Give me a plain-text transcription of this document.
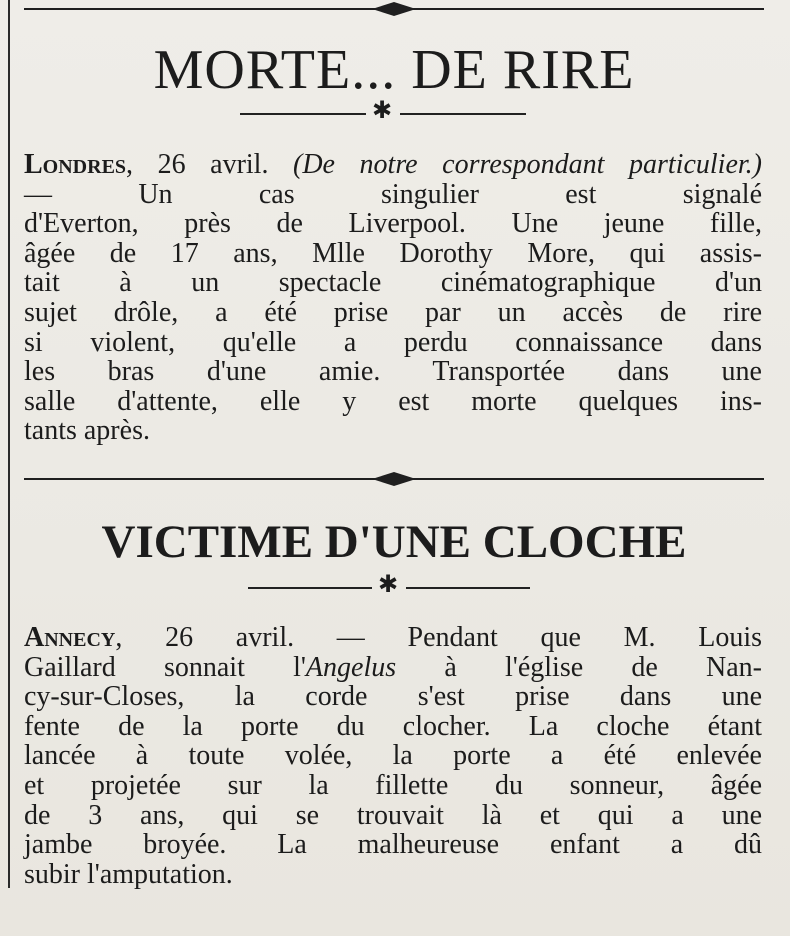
MORTE... DE RIRE
✱
Londres, 26 avril. (De notre correspondant particulier.)
— Un cas singulier est signalé
d'Everton, près de Liverpool. Une jeune fille,
âgée de 17 ans, Mlle Dorothy More, qui assis-
tait à un spectacle cinématographique d'un
sujet drôle, a été prise par un accès de rire
si violent, qu'elle a perdu connaissance dans
les bras d'une amie. Transportée dans une
salle d'attente, elle y est morte quelques ins-
tants après.
VICTIME D'UNE CLOCHE
✱
Annecy, 26 avril. — Pendant que M. Louis
Gaillard sonnait l'Angelus à l'église de Nan-
cy-sur-Closes, la corde s'est prise dans une
fente de la porte du clocher. La cloche étant
lancée à toute volée, la porte a été enlevée
et projetée sur la fillette du sonneur, âgée
de 3 ans, qui se trouvait là et qui a une
jambe broyée. La malheureuse enfant a dû
subir l'amputation.
